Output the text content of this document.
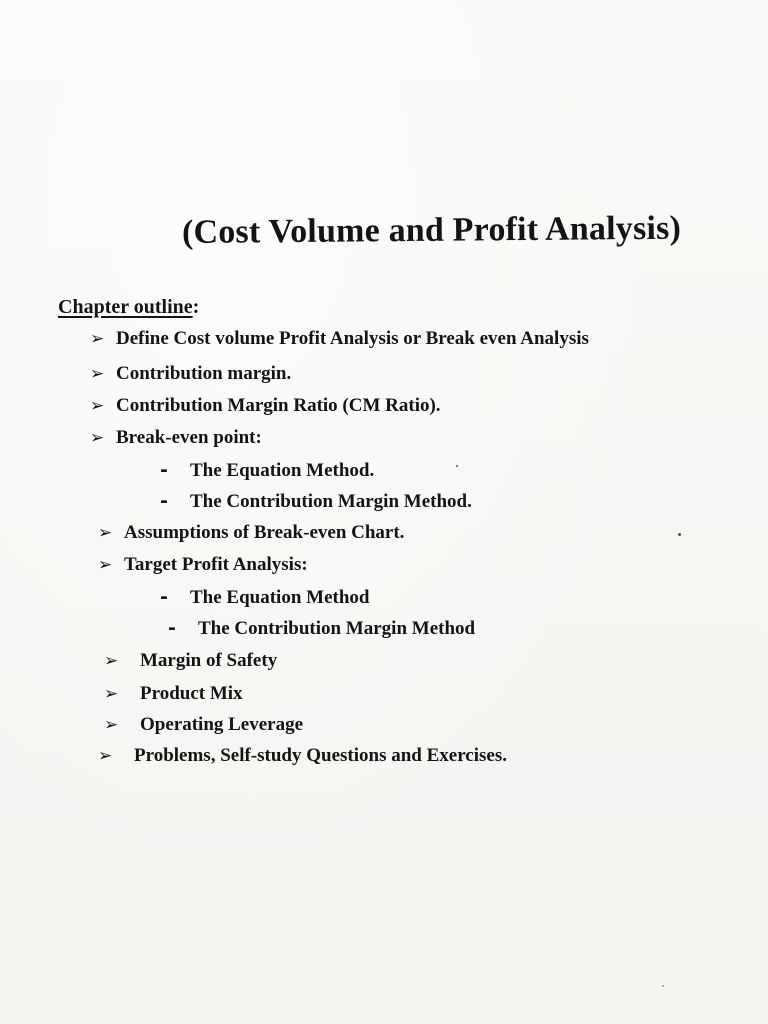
(Cost Volume and Profit Analysis)
Chapter outline:
➢ Define Cost volume Profit Analysis or Break even Analysis
➢ Contribution margin.
➢ Contribution Margin Ratio (CM Ratio).
➢ Break-even point:
- The Equation Method.
- The Contribution Margin Method.
➢ Assumptions of Break-even Chart.
➢ Target Profit Analysis:
- The Equation Method
- The Contribution Margin Method
➢ Margin of Safety
➢ Product Mix
➢ Operating Leverage
➢ Problems, Self-study Questions and Exercises.
